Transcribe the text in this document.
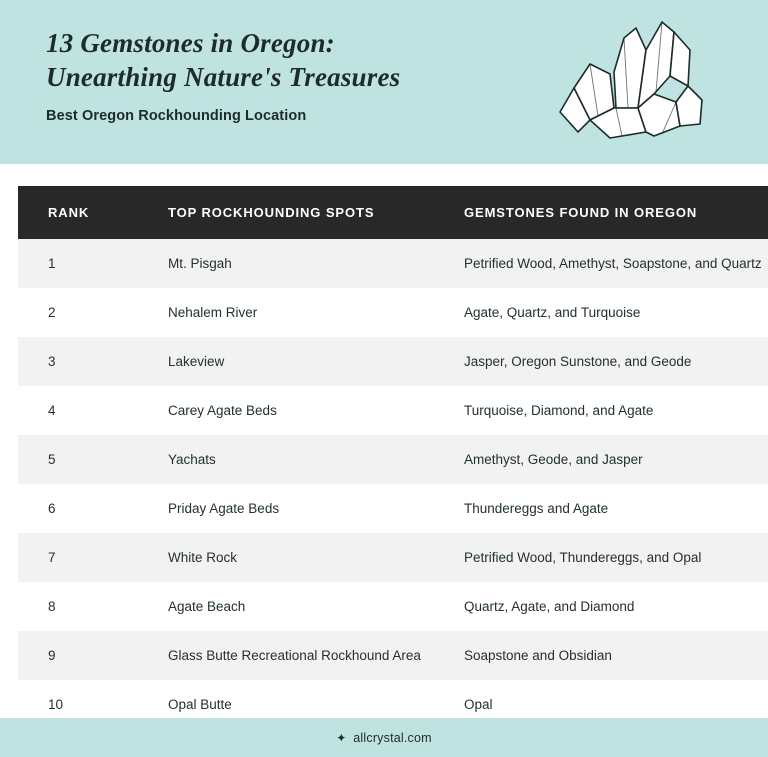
13 Gemstones in Oregon:
Unearthing Nature's Treasures
Best Oregon Rockhounding Location
RANK	TOP ROCKHOUNDING SPOTS	GEMSTONES FOUND IN OREGON
1	Mt. Pisgah	Petrified Wood, Amethyst, Soapstone, and Quartz
2	Nehalem River	Agate, Quartz, and Turquoise
3	Lakeview	Jasper, Oregon Sunstone, and Geode
4	Carey Agate Beds	Turquoise, Diamond, and Agate
5	Yachats	Amethyst, Geode, and Jasper
6	Priday Agate Beds	Thundereggs and Agate
7	White Rock	Petrified Wood, Thundereggs, and Opal
8	Agate Beach	Quartz, Agate, and Diamond
9	Glass Butte Recreational Rockhound Area	Soapstone and Obsidian
10	Opal Butte	Opal
✦ allcrystal.com
